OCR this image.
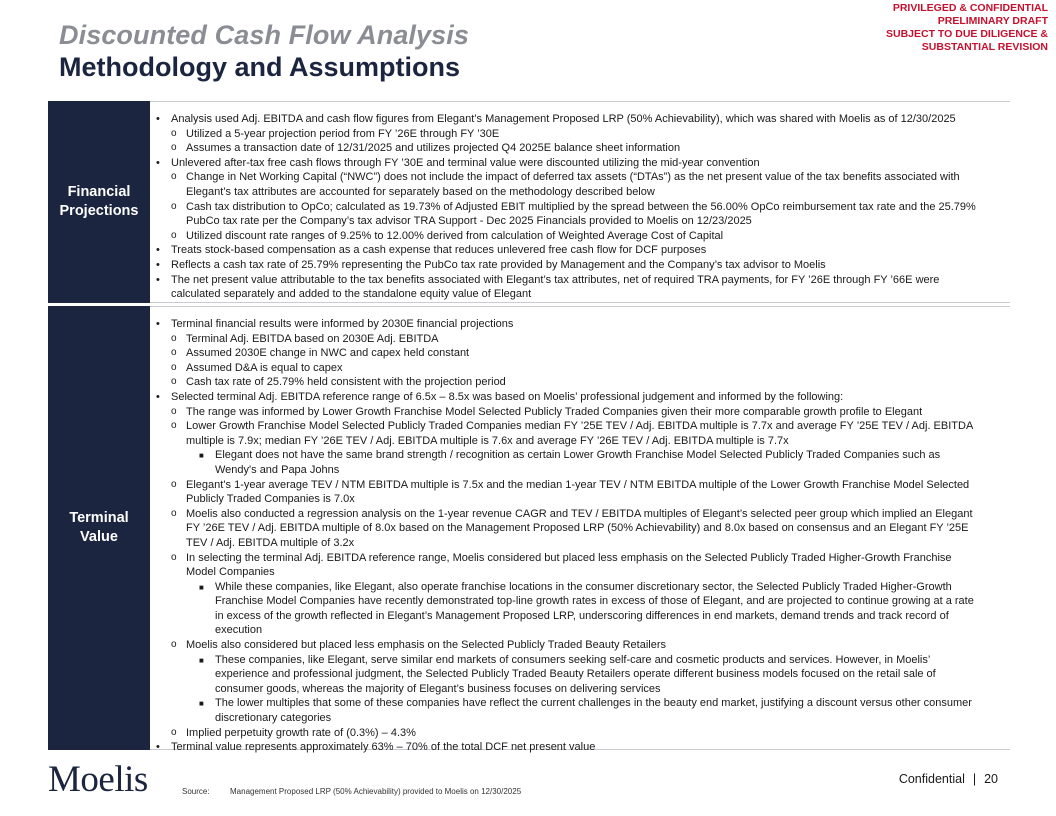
Discounted Cash Flow Analysis
Methodology and Assumptions
PRIVILEGED & CONFIDENTIAL
PRELIMINARY DRAFT
SUBJECT TO DUE DILIGENCE &
SUBSTANTIAL REVISION
Financial
Projections
• Analysis used Adj. EBITDA and cash flow figures from Elegant’s Management Proposed LRP (50% Achievability), which was shared with Moelis as of 12/30/2025
o Utilized a 5-year projection period from FY ’26E through FY ’30E
o Assumes a transaction date of 12/31/2025 and utilizes projected Q4 2025E balance sheet information
• Unlevered after-tax free cash flows through FY ’30E and terminal value were discounted utilizing the mid-year convention
o Change in Net Working Capital (“NWC”) does not include the impact of deferred tax assets (“DTAs”) as the net present value of the tax benefits associated with
Elegant’s tax attributes are accounted for separately based on the methodology described below
o Cash tax distribution to OpCo; calculated as 19.73% of Adjusted EBIT multiplied by the spread between the 56.00% OpCo reimbursement tax rate and the 25.79%
PubCo tax rate per the Company’s tax advisor TRA Support - Dec 2025 Financials provided to Moelis on 12/23/2025
o Utilized discount rate ranges of 9.25% to 12.00% derived from calculation of Weighted Average Cost of Capital
• Treats stock-based compensation as a cash expense that reduces unlevered free cash flow for DCF purposes
• Reflects a cash tax rate of 25.79% representing the PubCo tax rate provided by Management and the Company’s tax advisor to Moelis
• The net present value attributable to the tax benefits associated with Elegant’s tax attributes, net of required TRA payments, for FY ’26E through FY ’66E were
calculated separately and added to the standalone equity value of Elegant
Terminal
Value
• Terminal financial results were informed by 2030E financial projections
o Terminal Adj. EBITDA based on 2030E Adj. EBITDA
o Assumed 2030E change in NWC and capex held constant
o Assumed D&A is equal to capex
o Cash tax rate of 25.79% held consistent with the projection period
• Selected terminal Adj. EBITDA reference range of 6.5x – 8.5x was based on Moelis’ professional judgement and informed by the following:
o The range was informed by Lower Growth Franchise Model Selected Publicly Traded Companies given their more comparable growth profile to Elegant
o Lower Growth Franchise Model Selected Publicly Traded Companies median FY ’25E TEV / Adj. EBITDA multiple is 7.7x and average FY ’25E TEV / Adj. EBITDA
multiple is 7.9x; median FY ’26E TEV / Adj. EBITDA multiple is 7.6x and average FY ’26E TEV / Adj. EBITDA multiple is 7.7x
■ Elegant does not have the same brand strength / recognition as certain Lower Growth Franchise Model Selected Publicly Traded Companies such as
Wendy's and Papa Johns
o Elegant’s 1-year average TEV / NTM EBITDA multiple is 7.5x and the median 1-year TEV / NTM EBITDA multiple of the Lower Growth Franchise Model Selected
Publicly Traded Companies is 7.0x
o Moelis also conducted a regression analysis on the 1-year revenue CAGR and TEV / EBITDA multiples of Elegant’s selected peer group which implied an Elegant
FY ’26E TEV / Adj. EBITDA multiple of 8.0x based on the Management Proposed LRP (50% Achievability) and 8.0x based on consensus and an Elegant FY ’25E
TEV / Adj. EBITDA multiple of 3.2x
o In selecting the terminal Adj. EBITDA reference range, Moelis considered but placed less emphasis on the Selected Publicly Traded Higher-Growth Franchise
Model Companies
■ While these companies, like Elegant, also operate franchise locations in the consumer discretionary sector, the Selected Publicly Traded Higher-Growth
Franchise Model Companies have recently demonstrated top-line growth rates in excess of those of Elegant, and are projected to continue growing at a rate
in excess of the growth reflected in Elegant’s Management Proposed LRP, underscoring differences in end markets, demand trends and track record of
execution
o Moelis also considered but placed less emphasis on the Selected Publicly Traded Beauty Retailers
■ These companies, like Elegant, serve similar end markets of consumers seeking self-care and cosmetic products and services. However, in Moelis’
experience and professional judgment, the Selected Publicly Traded Beauty Retailers operate different business models focused on the retail sale of
consumer goods, whereas the majority of Elegant’s business focuses on delivering services
■ The lower multiples that some of these companies have reflect the current challenges in the beauty end market, justifying a discount versus other consumer
discretionary categories
o Implied perpetuity growth rate of (0.3%) – 4.3%
• Terminal value represents approximately 63% – 70% of the total DCF net present value
Moelis	Source:	Management Proposed LRP (50% Achievability) provided to Moelis on 12/30/2025
Confidential | 20
